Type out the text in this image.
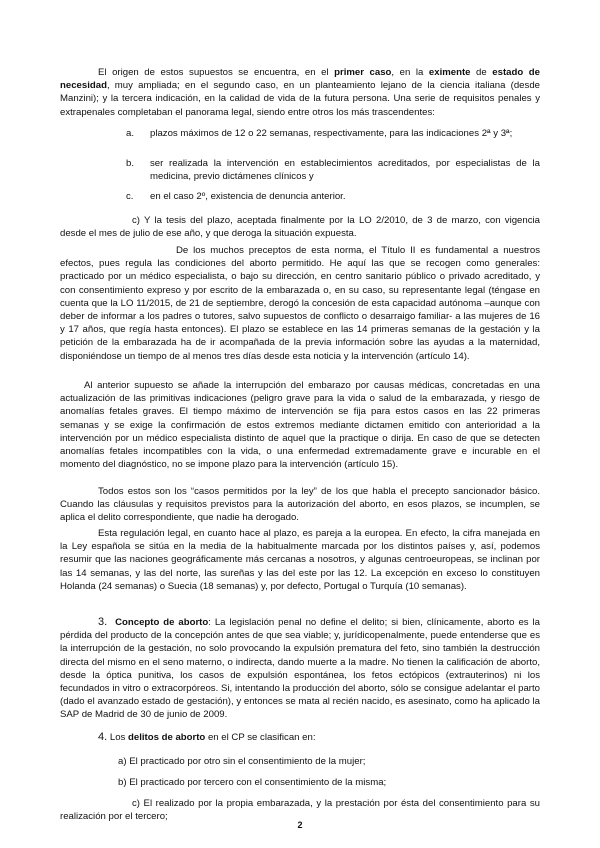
El origen de estos supuestos se encuentra, en el primer caso, en la eximente de estado de necesidad, muy ampliada; en el segundo caso, en un planteamiento lejano de la ciencia italiana (desde Manzini); y la tercera indicación, en la calidad de vida de la futura persona. Una serie de requisitos penales y extrapenales completaban el panorama legal, siendo entre otros los más trascendentes:

a. plazos máximos de 12 o 22 semanas, respectivamente, para las indicaciones 2ª y 3ª;

b. ser realizada la intervención en establecimientos acreditados, por especialistas de la medicina, previo dictámenes clínicos y

c. en el caso 2º, existencia de denuncia anterior.

c) Y la tesis del plazo, aceptada finalmente por la LO 2/2010, de 3 de marzo, con vigencia desde el mes de julio de ese año, y que deroga la situación expuesta.

De los muchos preceptos de esta norma, el Título II es fundamental a nuestros efectos, pues regula las condiciones del aborto permitido. He aquí las que se recogen como generales: practicado por un médico especialista, o bajo su dirección, en centro sanitario público o privado acreditado, y con consentimiento expreso y por escrito de la embarazada o, en su caso, su representante legal (téngase en cuenta que la LO 11/2015, de 21 de septiembre, derogó la concesión de esta capacidad autónoma –aunque con deber de informar a los padres o tutores, salvo supuestos de conflicto o desarraigo familiar- a las mujeres de 16 y 17 años, que regía hasta entonces). El plazo se establece en las 14 primeras semanas de la gestación y la petición de la embarazada ha de ir acompañada de la previa información sobre las ayudas a la maternidad, disponiéndose un tiempo de al menos tres días desde esta noticia y la intervención (artículo 14).

Al anterior supuesto se añade la interrupción del embarazo por causas médicas, concretadas en una actualización de las primitivas indicaciones (peligro grave para la vida o salud de la embarazada, y riesgo de anomalías fetales graves. El tiempo máximo de intervención se fija para estos casos en las 22 primeras semanas y se exige la confirmación de estos extremos mediante dictamen emitido con anterioridad a la intervención por un médico especialista distinto de aquel que la practique o dirija. En caso de que se detecten anomalías fetales incompatibles con la vida, o una enfermedad extremadamente grave e incurable en el momento del diagnóstico, no se impone plazo para la intervención (artículo 15).

Todos estos son los “casos permitidos por la ley” de los que habla el precepto sancionador básico. Cuando las cláusulas y requisitos previstos para la autorización del aborto, en esos plazos, se incumplen, se aplica el delito correspondiente, que nadie ha derogado.

Esta regulación legal, en cuanto hace al plazo, es pareja a la europea. En efecto, la cifra manejada en la Ley española se sitúa en la media de la habitualmente marcada por los distintos países y, así, podemos resumir que las naciones geográficamente más cercanas a nosotros, y algunas centroeuropeas, se inclinan por las 14 semanas, y las del norte, las sureñas y las del este por las 12. La excepción en exceso lo constituyen Holanda (24 semanas) o Suecia (18 semanas) y, por defecto, Portugal o Turquía (10 semanas).

3. Concepto de aborto: La legislación penal no define el delito; si bien, clínicamente, aborto es la pérdida del producto de la concepción antes de que sea viable; y, jurídicopenalmente, puede entenderse que es la interrupción de la gestación, no solo provocando la expulsión prematura del feto, sino también la destrucción directa del mismo en el seno materno, o indirecta, dando muerte a la madre. No tienen la calificación de aborto, desde la óptica punitiva, los casos de expulsión espontánea, los fetos ectópicos (extrauterinos) ni los fecundados in vitro o extracorpóreos. Si, intentando la producción del aborto, sólo se consigue adelantar el parto (dado el avanzado estado de gestación), y entonces se mata al recién nacido, es asesinato, como ha aplicado la SAP de Madrid de 30 de junio de 2009.

4. Los delitos de aborto en el CP se clasifican en:

a) El practicado por otro sin el consentimiento de la mujer;

b) El practicado por tercero con el consentimiento de la misma;

c) El realizado por la propia embarazada, y la prestación por ésta del consentimiento para su realización por el tercero;

2
